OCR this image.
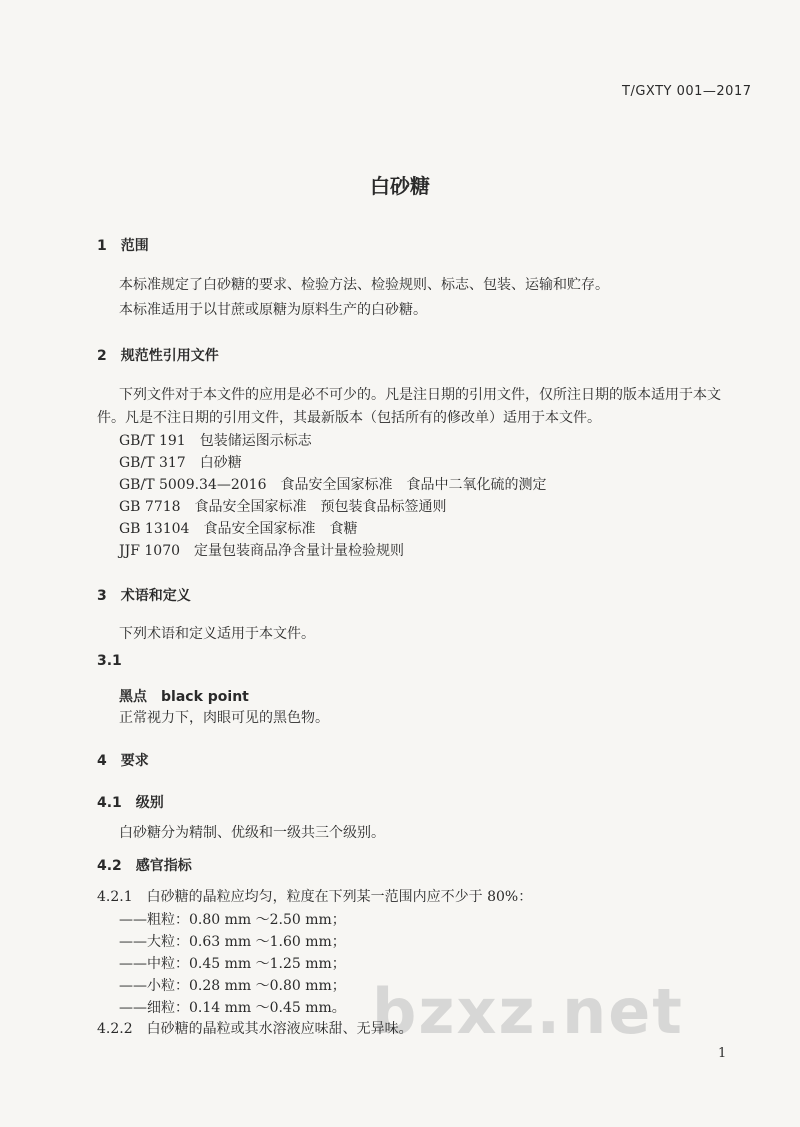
T/GXTY 001—2017
白砂糖
1　范围
本标准规定了白砂糖的要求、检验方法、检验规则、标志、包装、运输和贮存。
本标准适用于以甘蔗或原糖为原料生产的白砂糖。
2　规范性引用文件
下列文件对于本文件的应用是必不可少的。凡是注日期的引用文件，仅所注日期的版本适用于本文
件。凡是不注日期的引用文件，其最新版本（包括所有的修改单）适用于本文件。
GB/T 191　包装储运图示标志
GB/T 317　白砂糖
GB/T 5009.34—2016　食品安全国家标准　食品中二氧化硫的测定
GB 7718　食品安全国家标准　预包装食品标签通则
GB 13104　食品安全国家标准　食糖
JJF 1070　定量包装商品净含量计量检验规则
3　术语和定义
下列术语和定义适用于本文件。
3.1
黑点　black point
正常视力下，肉眼可见的黑色物。
4　要求
4.1　级别
白砂糖分为精制、优级和一级共三个级别。
4.2　感官指标
4.2.1　白砂糖的晶粒应均匀，粒度在下列某一范围内应不少于 80%：
——粗粒：0.80 mm ～2.50 mm；
——大粒：0.63 mm ～1.60 mm；
——中粒：0.45 mm ～1.25 mm；
——小粒：0.28 mm ～0.80 mm；
——细粒：0.14 mm ～0.45 mm。 bzxz.net
4.2.2　白砂糖的晶粒或其水溶液应味甜、无异味。
1
